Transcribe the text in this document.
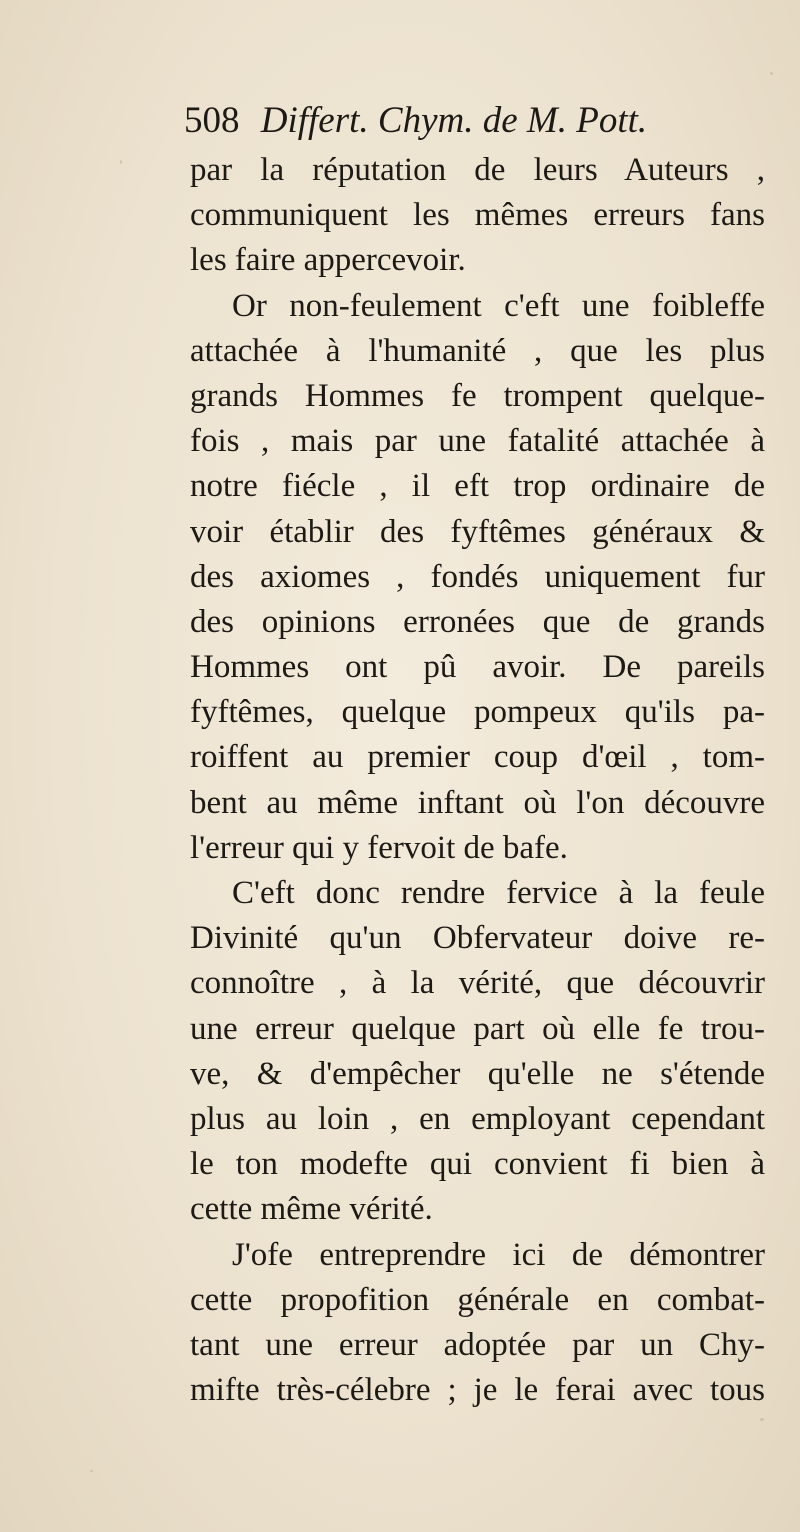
508 Differt. Chym. de M. Pott.
par la réputation de leurs Auteurs ,
communiquent les mêmes erreurs fans
les faire appercevoir.
Or non-feulement c'eft une foibleffe
attachée à l'humanité , que les plus
grands Hommes fe trompent quelque-
fois , mais par une fatalité attachée à
notre fiécle , il eft trop ordinaire de
voir établir des fyftêmes généraux &
des axiomes , fondés uniquement fur
des opinions erronées que de grands
Hommes ont pû avoir. De pareils
fyftêmes, quelque pompeux qu'ils pa-
roiffent au premier coup d'œil , tom-
bent au même inftant où l'on découvre
l'erreur qui y fervoit de bafe.
C'eft donc rendre fervice à la feule
Divinité qu'un Obfervateur doive re-
connoître , à la vérité, que découvrir
une erreur quelque part où elle fe trou-
ve, & d'empêcher qu'elle ne s'étende
plus au loin , en employant cependant
le ton modefte qui convient fi bien à
cette même vérité.
J'ofe entreprendre ici de démontrer
cette propofition générale en combat-
tant une erreur adoptée par un Chy-
mifte très-célebre ; je le ferai avec tous
